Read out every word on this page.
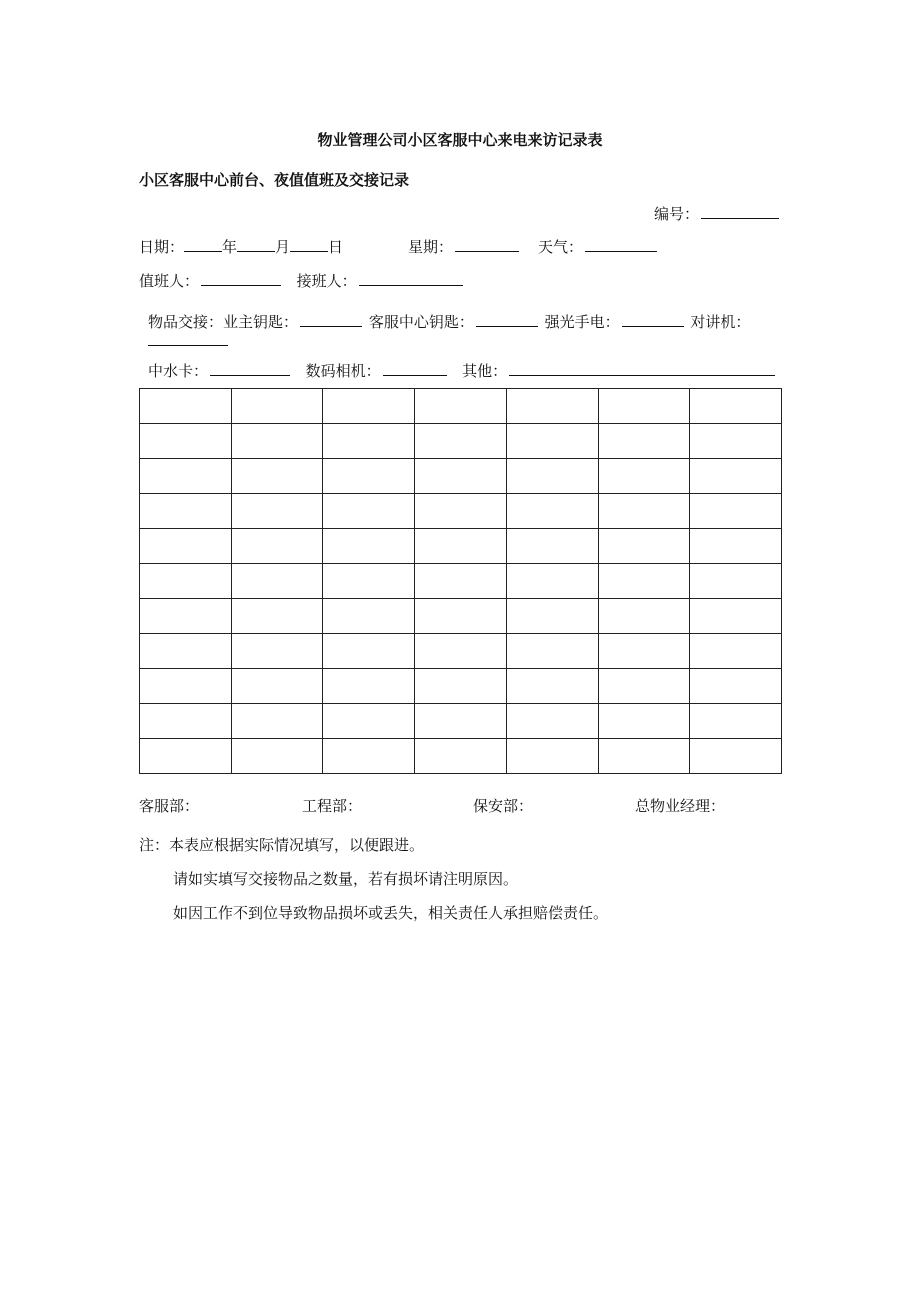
物业管理公司小区客服中心来电来访记录表
小区客服中心前台、夜值值班及交接记录
编号：
日期：	年	月	日	星期：	天气：
值班人：	接班人：
物品交接：业主钥匙：	客服中心钥匙：	强光手电：	对讲机：
中水卡：	数码相机：	其他：

客服部：	工程部：	保安部：	总物业经理：
注：本表应根据实际情况填写，以便跟进。
请如实填写交接物品之数量，若有损坏请注明原因。
如因工作不到位导致物品损坏或丢失，相关责任人承担赔偿责任。
